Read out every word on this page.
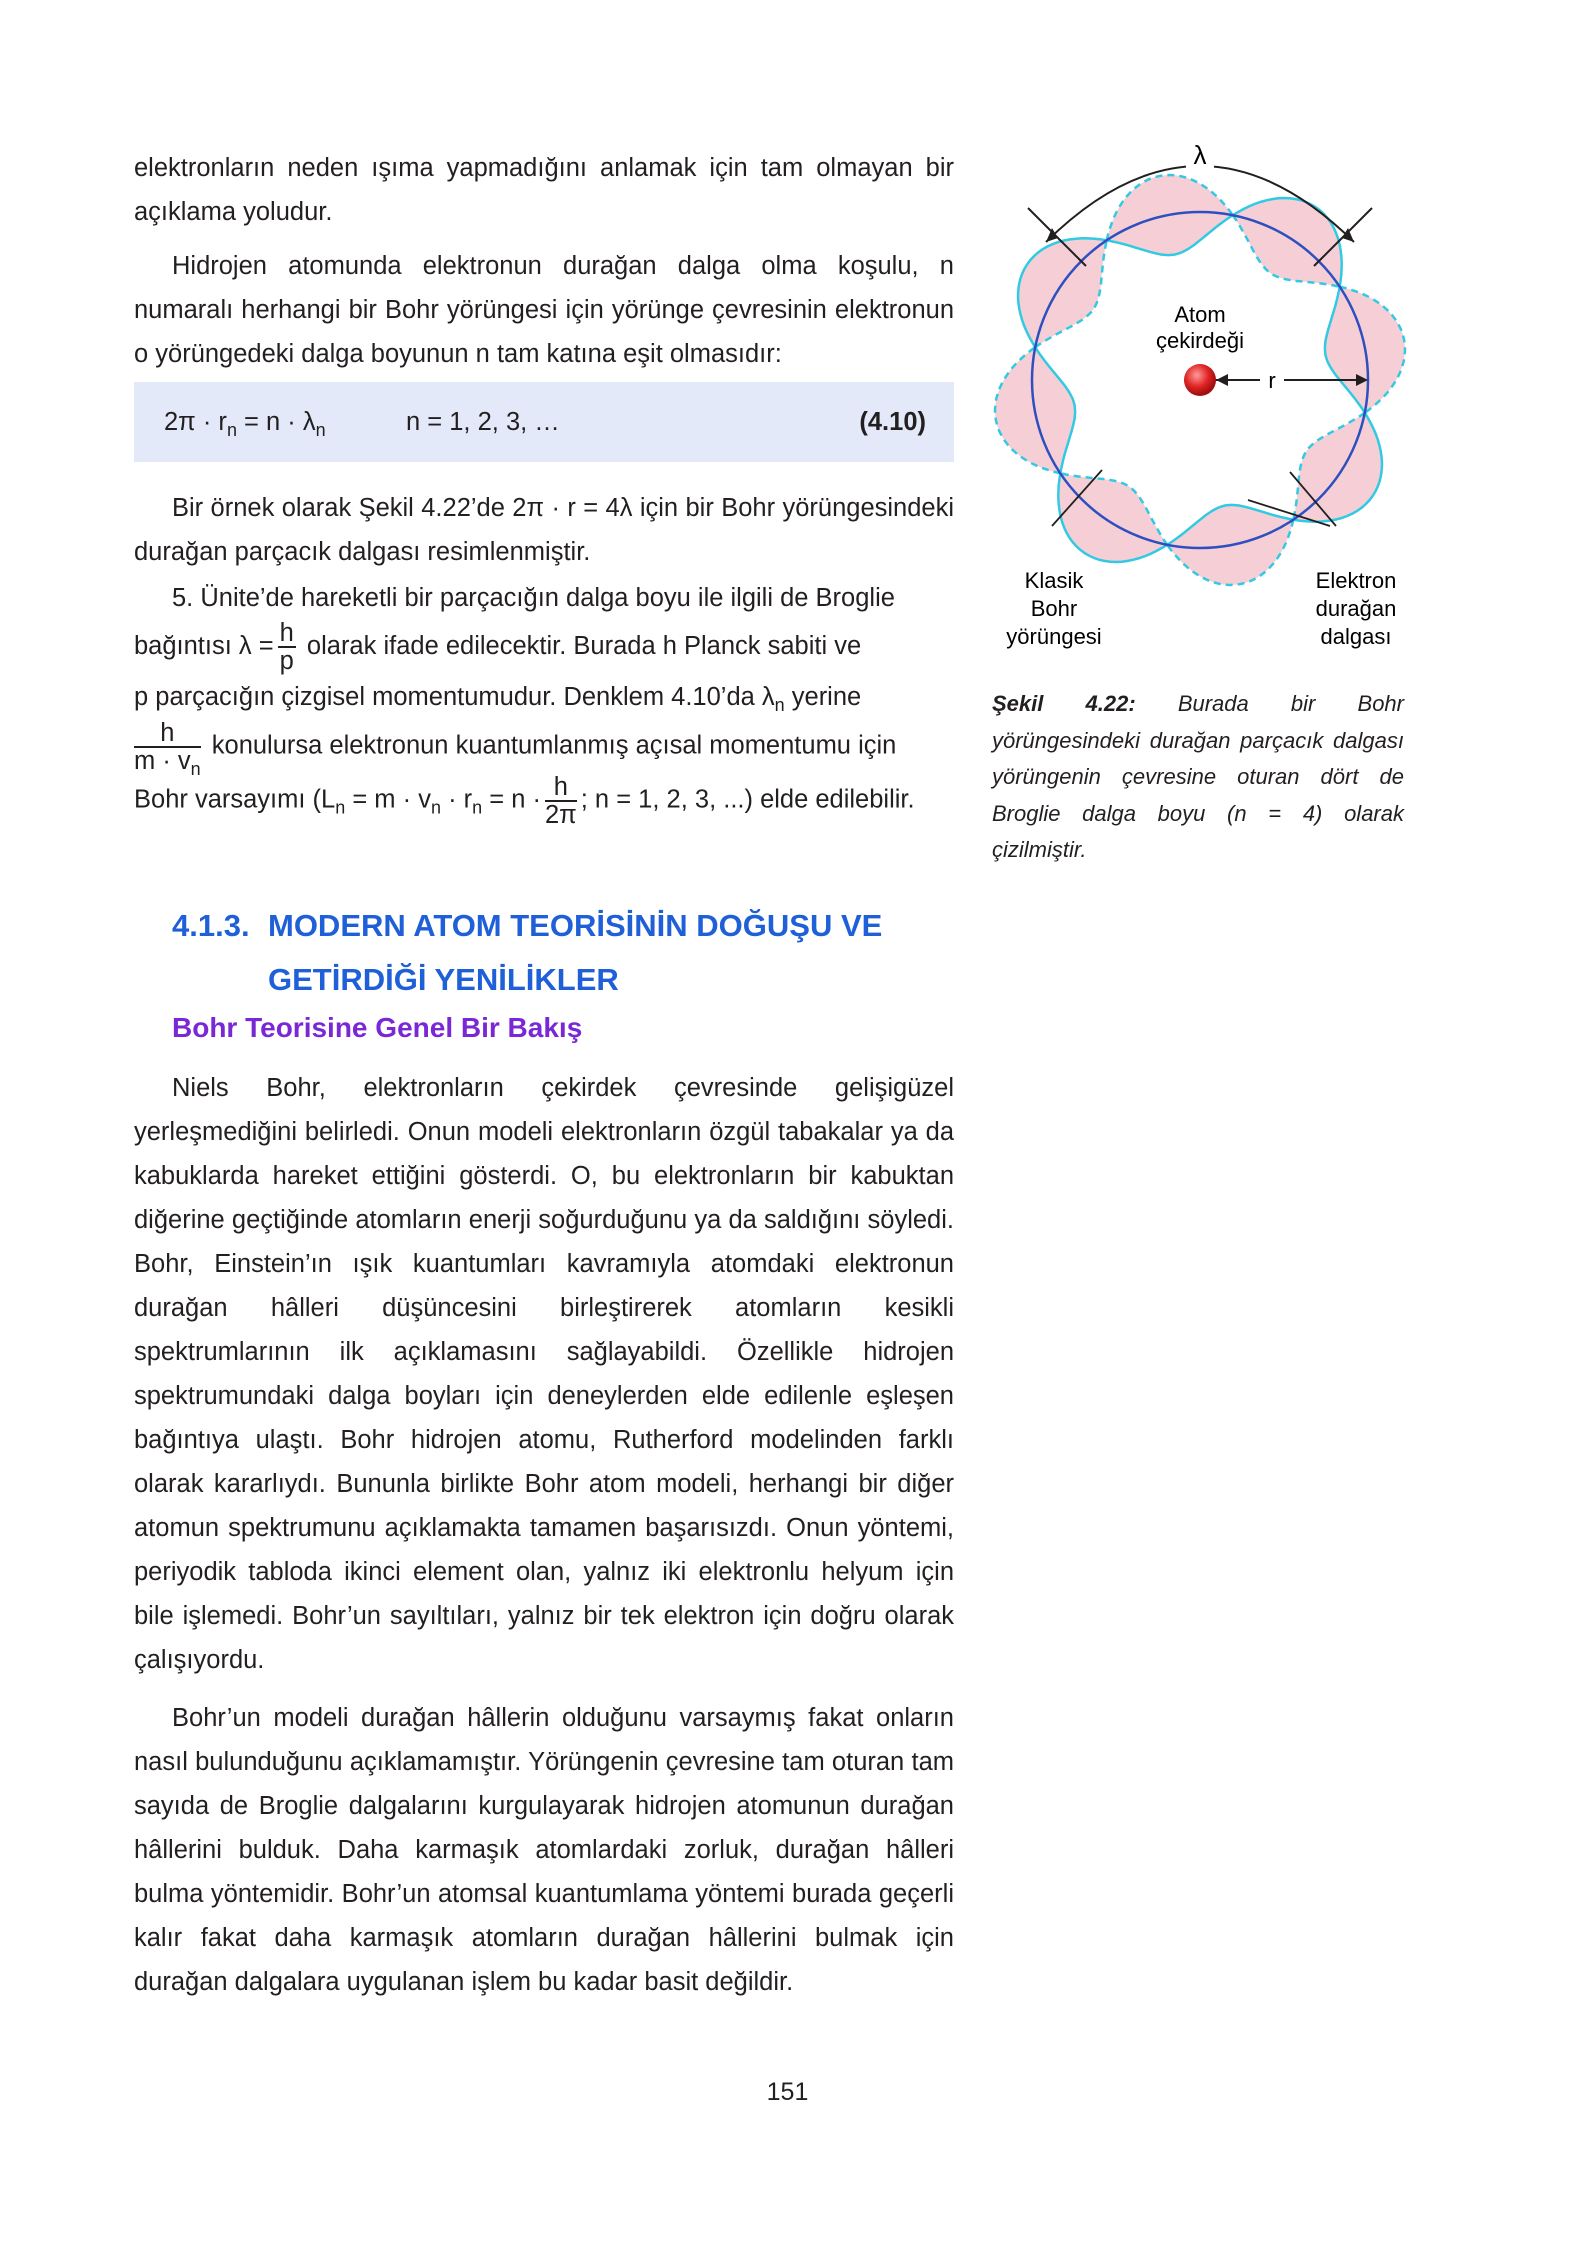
elektronların neden ışıma yapmadığını anlamak için tam olmayan bir açıklama yoludur.

Hidrojen atomunda elektronun durağan dalga olma koşulu, n numaralı herhangi bir Bohr yörüngesi için yörünge çevresinin elektronun o yörüngedeki dalga boyunun n tam katına eşit olmasıdır:

$2\pi \cdot r_n = n \cdot \lambda_n$	n = 1, 2, 3, …	(4.10)

Bir örnek olarak Şekil 4.22’de 2π · r = 4λ için bir Bohr yörüngesindeki durağan parçacık dalgası resimlenmiştir.

5. Ünite’de hareketli bir parçacığın dalga boyu ile ilgili de Broglie

bağıntısı $\lambda = \frac{h}{p}$ olarak ifade edilecektir. Burada h Planck sabiti ve

p parçacığın çizgisel momentumudur. Denklem 4.10’da $\lambda_n$ yerine

$\frac{h}{m \cdot v_n}$ konulursa elektronun kuantumlanmış açısal momentumu için

Bohr varsayımı ($L_n = m \cdot v_n \cdot r_n = n \cdot \frac{h}{2\pi}$ ; n = 1, 2, 3, ...) elde edilebilir.

4.1.3. MODERN ATOM TEORİSİNİN DOĞUŞU VE
GETİRDİĞİ YENİLİKLER
Bohr Teorisine Genel Bir Bakış

Niels Bohr, elektronların çekirdek çevresinde gelişigüzel yerleşmediğini belirledi. Onun modeli elektronların özgül tabakalar ya da kabuklarda hareket ettiğini gösterdi. O, bu elektronların bir kabuktan diğerine geçtiğinde atomların enerji soğurduğunu ya da saldığını söyledi. Bohr, Einstein’ın ışık kuantumları kavramıyla atomdaki elektronun durağan hâlleri düşüncesini birleştirerek atomların kesikli spektrumlarının ilk açıklamasını sağlayabildi. Özellikle hidrojen spektrumundaki dalga boyları için deneylerden elde edilenle eşleşen bağıntıya ulaştı. Bohr hidrojen atomu, Rutherford modelinden farklı olarak kararlıydı. Bununla birlikte Bohr atom modeli, herhangi bir diğer atomun spektrumunu açıklamakta tamamen başarısızdı. Onun yöntemi, periyodik tabloda ikinci element olan, yalnız iki elektronlu helyum için bile işlemedi. Bohr’un sayıltıları, yalnız bir tek elektron için doğru olarak çalışıyordu.

Bohr’un modeli durağan hâllerin olduğunu varsaymış fakat onların nasıl bulunduğunu açıklamamıştır. Yörüngenin çevresine tam oturan tam sayıda de Broglie dalgalarını kurgulayarak hidrojen atomunun durağan hâllerini bulduk. Daha karmaşık atomlardaki zorluk, durağan hâlleri bulma yöntemidir. Bohr’un atomsal kuantumlama yöntemi burada geçerli kalır fakat daha karmaşık atomların durağan hâllerini bulmak için durağan dalgalara uygulanan işlem bu kadar basit değildir.

λ
Atom
çekirdeği
r
Klasik
Bohr
yörüngesi
Elektron
durağan
dalgası
Şekil 4.22: Burada bir Bohr yörüngesindeki durağan parçacık dalgası yörüngenin çevresine oturan dört de Broglie dalga boyu (n = 4) olarak çizilmiştir.
151
